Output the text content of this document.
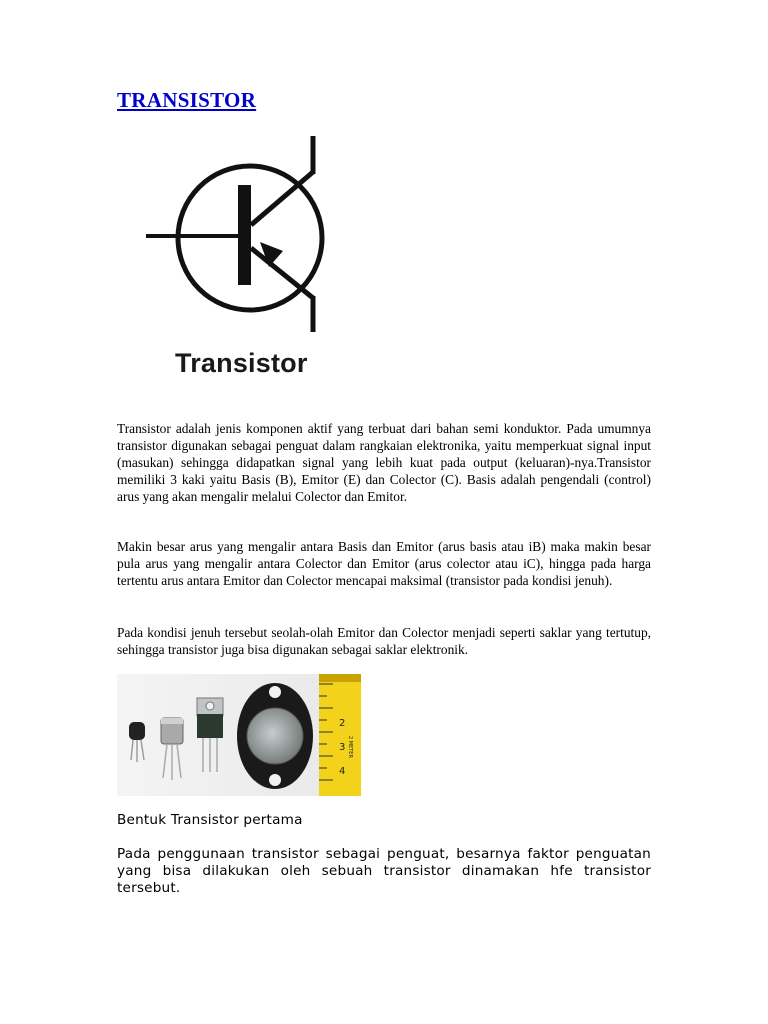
TRANSISTOR
Transistor

Transistor adalah jenis komponen aktif yang terbuat dari bahan semi konduktor. Pada umumnya transistor digunakan sebagai penguat dalam rangkaian elektronika, yaitu memperkuat signal input (masukan) sehingga didapatkan signal yang lebih kuat pada output (keluaran)-nya.Transistor memiliki 3 kaki yaitu Basis (B), Emitor (E) dan Colector (C). Basis adalah pengendali (control) arus yang akan mengalir melalui Colector dan Emitor.

Makin besar arus yang mengalir antara Basis dan Emitor (arus basis atau iB) maka makin besar pula arus yang mengalir antara Colector dan Emitor (arus colector atau iC), hingga pada harga tertentu arus antara Emitor dan Colector mencapai maksimal (transistor pada kondisi jenuh).

Pada kondisi jenuh tersebut seolah-olah Emitor dan Colector menjadi seperti saklar yang tertutup, sehingga transistor juga bisa digunakan sebagai saklar elektronik.

2
3
4
2 METER

Bentuk Transistor pertama

Pada penggunaan transistor sebagai penguat, besarnya faktor penguatan yang bisa dilakukan oleh sebuah transistor dinamakan hfe transistor tersebut.
